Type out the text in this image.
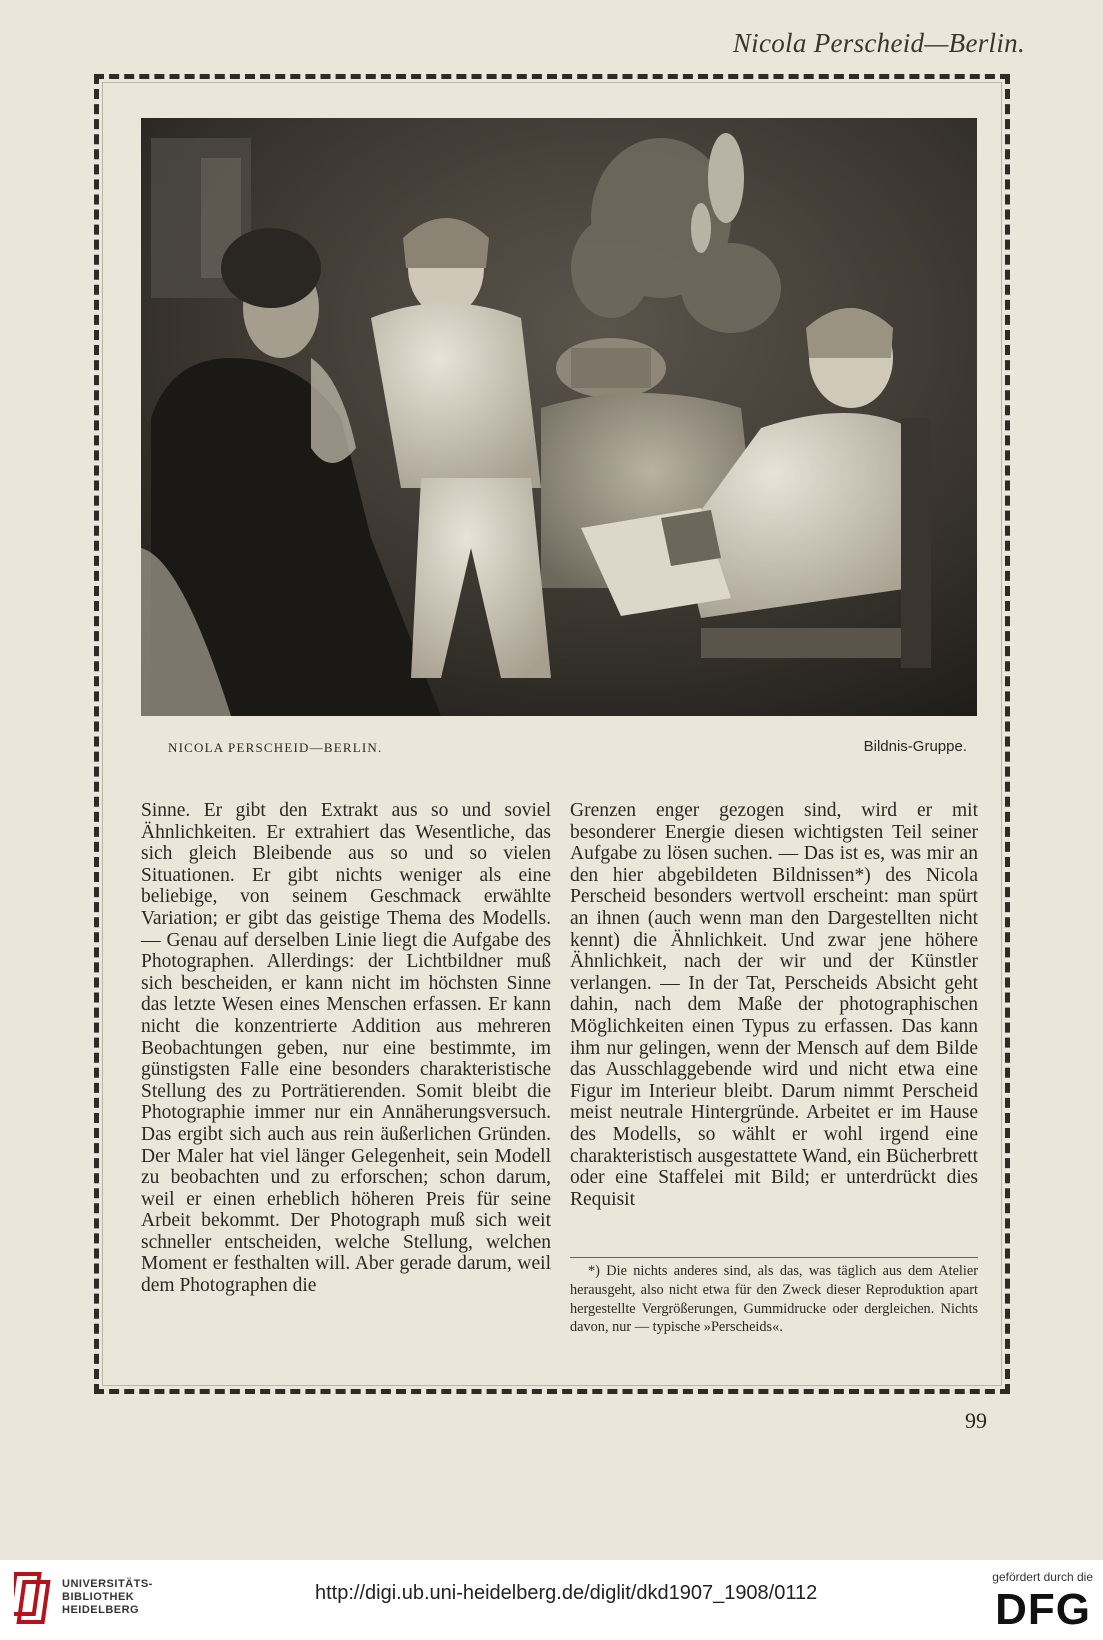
Nicola Perscheid—Berlin.
NICOLA PERSCHEID—BERLIN.	Bildnis-Gruppe.

Sinne. Er gibt den Extrakt aus so und soviel Ähnlichkeiten. Er extrahiert das Wesentliche, das sich gleich Bleibende aus so und so vielen Situationen. Er gibt nichts weniger als eine beliebige, von seinem Geschmack erwählte Variation; er gibt das geistige Thema des Modells. — Genau auf derselben Linie liegt die Aufgabe des Photographen. Allerdings: der Lichtbildner muß sich bescheiden, er kann nicht im höchsten Sinne das letzte Wesen eines Menschen erfassen. Er kann nicht die konzentrierte Addition aus mehreren Beobachtungen geben, nur eine bestimmte, im günstigsten Falle eine besonders charakteristische Stellung des zu Porträtierenden. Somit bleibt die Photographie immer nur ein Annäherungsversuch. Das ergibt sich auch aus rein äußerlichen Gründen. Der Maler hat viel länger Gelegenheit, sein Modell zu beobachten und zu erforschen; schon darum, weil er einen erheblich höheren Preis für seine Arbeit bekommt. Der Photograph muß sich weit schneller entscheiden, welche Stellung, welchen Moment er festhalten will. Aber gerade darum, weil dem Photographen die

Grenzen enger gezogen sind, wird er mit besonderer Energie diesen wichtigsten Teil seiner Aufgabe zu lösen suchen. — Das ist es, was mir an den hier abgebildeten Bildnissen*) des Nicola Perscheid besonders wertvoll erscheint: man spürt an ihnen (auch wenn man den Dargestellten nicht kennt) die Ähnlichkeit. Und zwar jene höhere Ähnlichkeit, nach der wir und der Künstler verlangen. — In der Tat, Perscheids Absicht geht dahin, nach dem Maße der photographischen Möglichkeiten einen Typus zu erfassen. Das kann ihm nur gelingen, wenn der Mensch auf dem Bilde das Ausschlaggebende wird und nicht etwa eine Figur im Interieur bleibt. Darum nimmt Perscheid meist neutrale Hintergründe. Arbeitet er im Hause des Modells, so wählt er wohl irgend eine charakteristisch ausgestattete Wand, ein Bücherbrett oder eine Staffelei mit Bild; er unterdrückt dies Requisit

*) Die nichts anderes sind, als das, was täglich aus dem Atelier herausgeht, also nicht etwa für den Zweck dieser Reproduktion apart hergestellte Vergrößerungen, Gummidrucke oder dergleichen. Nichts davon, nur — typische »Perscheids«.

99
UNIVERSITÄTS-
BIBLIOTHEK
HEIDELBERG
http://digi.ub.uni-heidelberg.de/diglit/dkd1907_1908/0112
gefördert durch die
DFG
